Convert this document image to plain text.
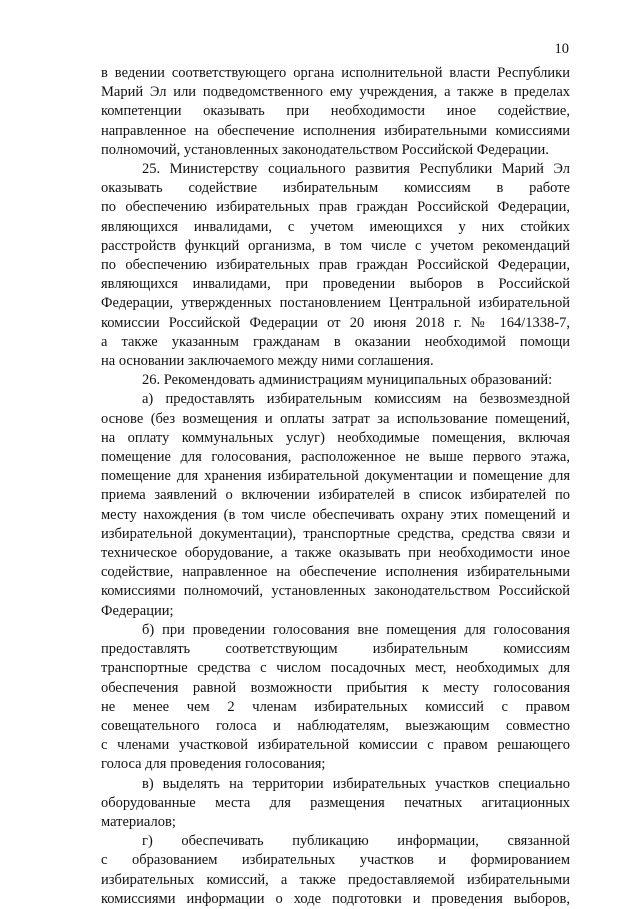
10

в ведении соответствующего органа исполнительной власти Республики

Марий Эл или подведомственного ему учреждения, а также в пределах

компетенции оказывать при необходимости иное содействие,

направленное на обеспечение исполнения избирательными комиссиями

полномочий, установленных законодательством Российской Федерации.

25. Министерству социального развития Республики Марий Эл

оказывать содействие избирательным комиссиям в работе

по обеспечению избирательных прав граждан Российской Федерации,

являющихся инвалидами, с учетом имеющихся у них стойких

расстройств функций организма, в том числе с учетом рекомендаций

по обеспечению избирательных прав граждан Российской Федерации,

являющихся инвалидами, при проведении выборов в Российской

Федерации, утвержденных постановлением Центральной избирательной

комиссии Российской Федерации от 20 июня 2018 г. № 164/1338-7,

а также указанным гражданам в оказании необходимой помощи

на основании заключаемого между ними соглашения.

26. Рекомендовать администрациям муниципальных образований:

а) предоставлять избирательным комиссиям на безвозмездной

основе (без возмещения и оплаты затрат за использование помещений,

на оплату коммунальных услуг) необходимые помещения, включая

помещение для голосования, расположенное не выше первого этажа,

помещение для хранения избирательной документации и помещение для

приема заявлений о включении избирателей в список избирателей по

месту нахождения (в том числе обеспечивать охрану этих помещений и

избирательной документации), транспортные средства, средства связи и

техническое оборудование, а также оказывать при необходимости иное

содействие, направленное на обеспечение исполнения избирательными

комиссиями полномочий, установленных законодательством Российской

Федерации;

б) при проведении голосования вне помещения для голосования

предоставлять соответствующим избирательным комиссиям

транспортные средства с числом посадочных мест, необходимых для

обеспечения равной возможности прибытия к месту голосования

не менее чем 2 членам избирательных комиссий с правом

совещательного голоса и наблюдателям, выезжающим совместно

с членами участковой избирательной комиссии с правом решающего

голоса для проведения голосования;

в) выделять на территории избирательных участков специально

оборудованные места для размещения печатных агитационных

материалов;

г) обеспечивать публикацию информации, связанной

с образованием избирательных участков и формированием

избирательных комиссий, а также предоставляемой избирательными

комиссиями информации о ходе подготовки и проведения выборов,
